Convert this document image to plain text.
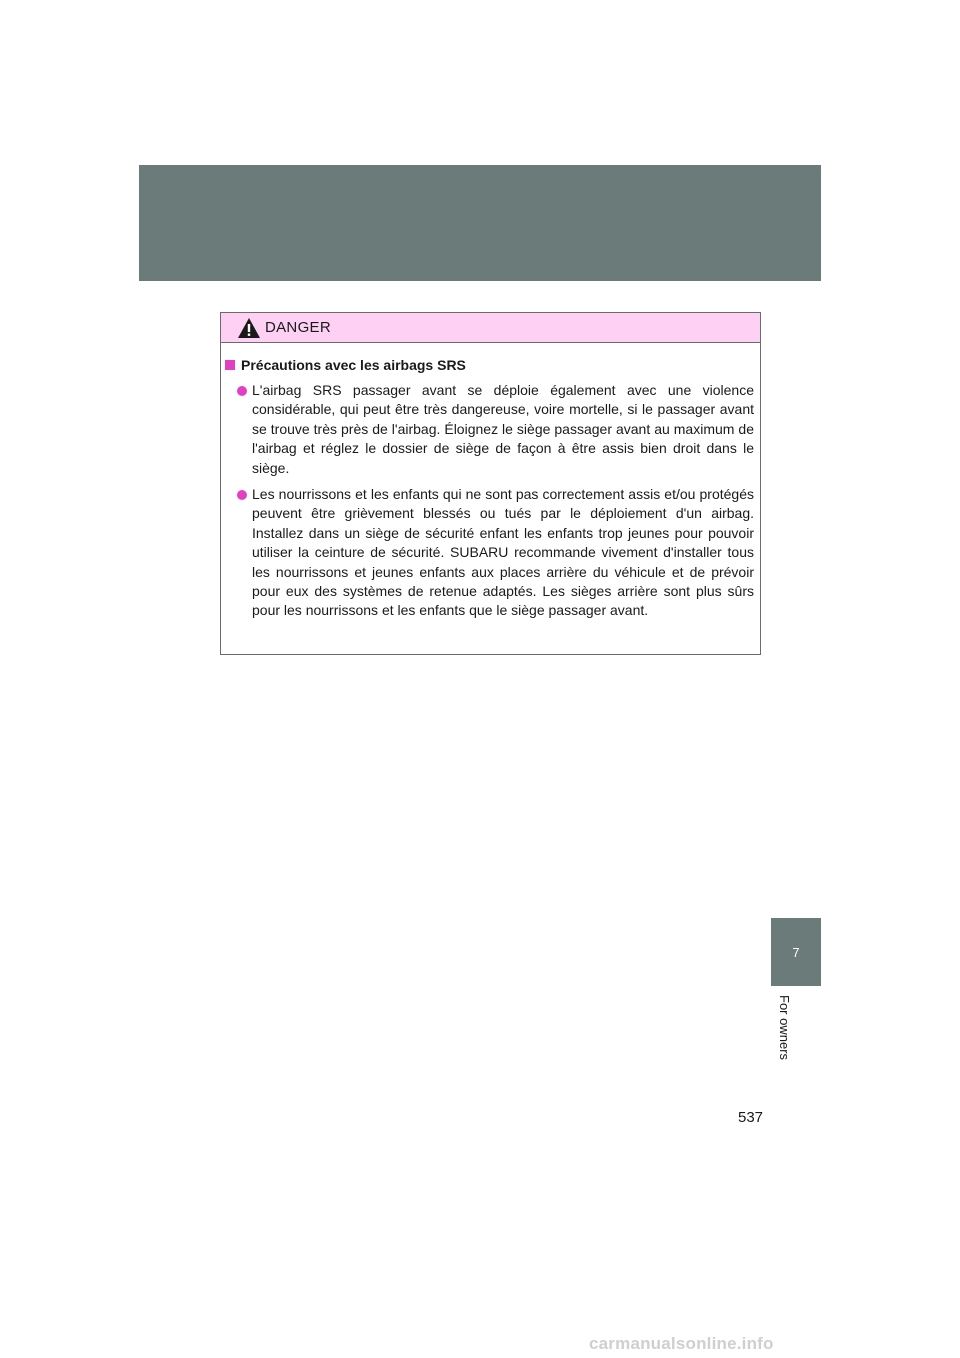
DANGER
Précautions avec les airbags SRS
L'airbag SRS passager avant se déploie également avec une violence considérable, qui peut être très dangereuse, voire mortelle, si le passager avant se trouve très près de l'airbag. Éloignez le siège passager avant au maximum de l'airbag et réglez le dossier de siège de façon à être assis bien droit dans le siège.
Les nourrissons et les enfants qui ne sont pas correctement assis et/ou protégés peuvent être grièvement blessés ou tués par le déploiement d'un airbag. Installez dans un siège de sécurité enfant les enfants trop jeunes pour pouvoir utiliser la ceinture de sécurité. SUBARU recommande vivement d'installer tous les nourrissons et jeunes enfants aux places arrière du véhicule et de prévoir pour eux des systèmes de retenue adaptés. Les sièges arrière sont plus sûrs pour les nourrissons et les enfants que le siège passager avant.
7
For owners
537
carmanualsonline.info
